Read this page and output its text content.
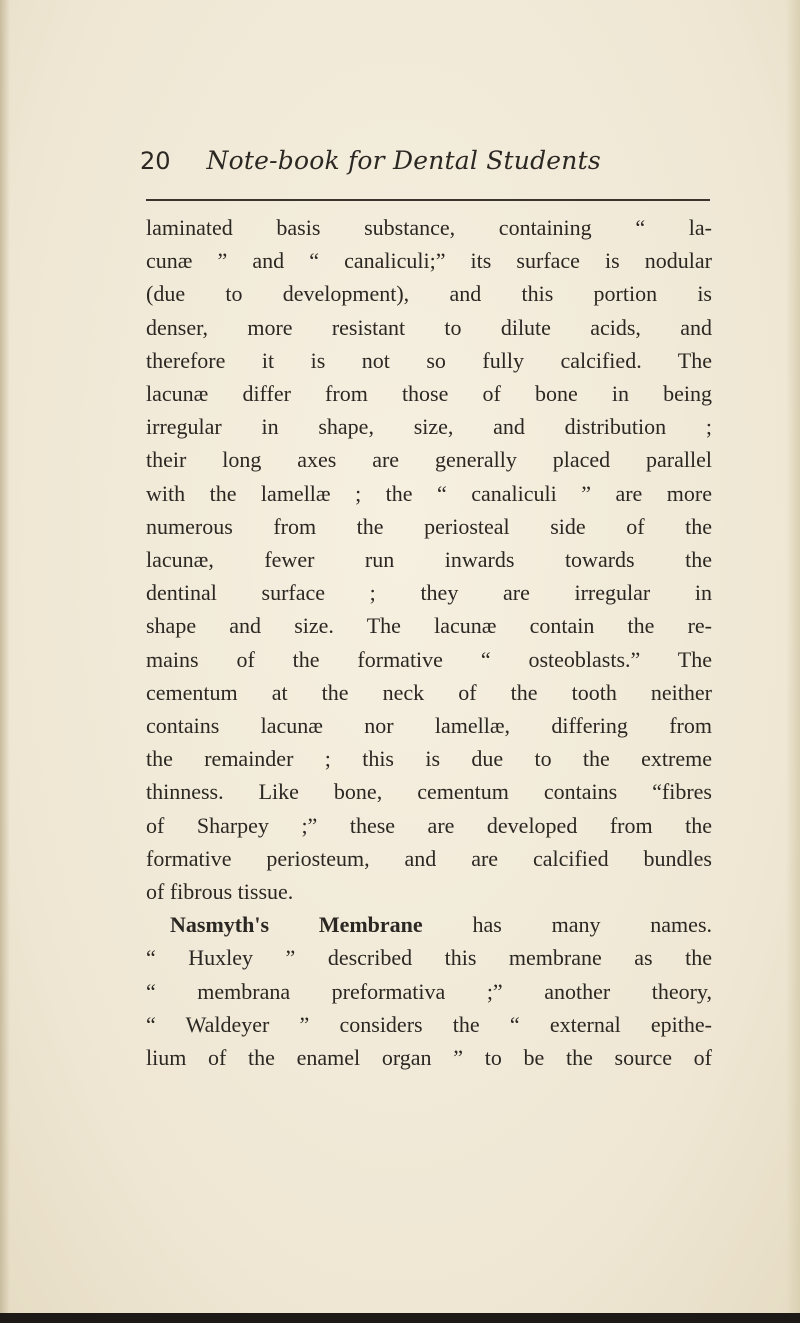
20 Note-book for Dental Students
laminated basis substance, containing “ la-
cunæ ” and “ canaliculi;” its surface is nodular
(due to development), and this portion is
denser, more resistant to dilute acids, and
therefore it is not so fully calcified. The
lacunæ differ from those of bone in being
irregular in shape, size, and distribution ;
their long axes are generally placed parallel
with the lamellæ ; the “ canaliculi ” are more
numerous from the periosteal side of the
lacunæ, fewer run inwards towards the
dentinal surface ; they are irregular in
shape and size. The lacunæ contain the re-
mains of the formative “ osteoblasts.” The
cementum at the neck of the tooth neither
contains lacunæ nor lamellæ, differing from
the remainder ; this is due to the extreme
thinness. Like bone, cementum contains “fibres
of Sharpey ;” these are developed from the
formative periosteum, and are calcified bundles
of fibrous tissue.
Nasmyth's Membrane has many names.
“ Huxley ” described this membrane as the
“ membrana preformativa ;” another theory,
“ Waldeyer ” considers the “ external epithe-
lium of the enamel organ ” to be the source of
